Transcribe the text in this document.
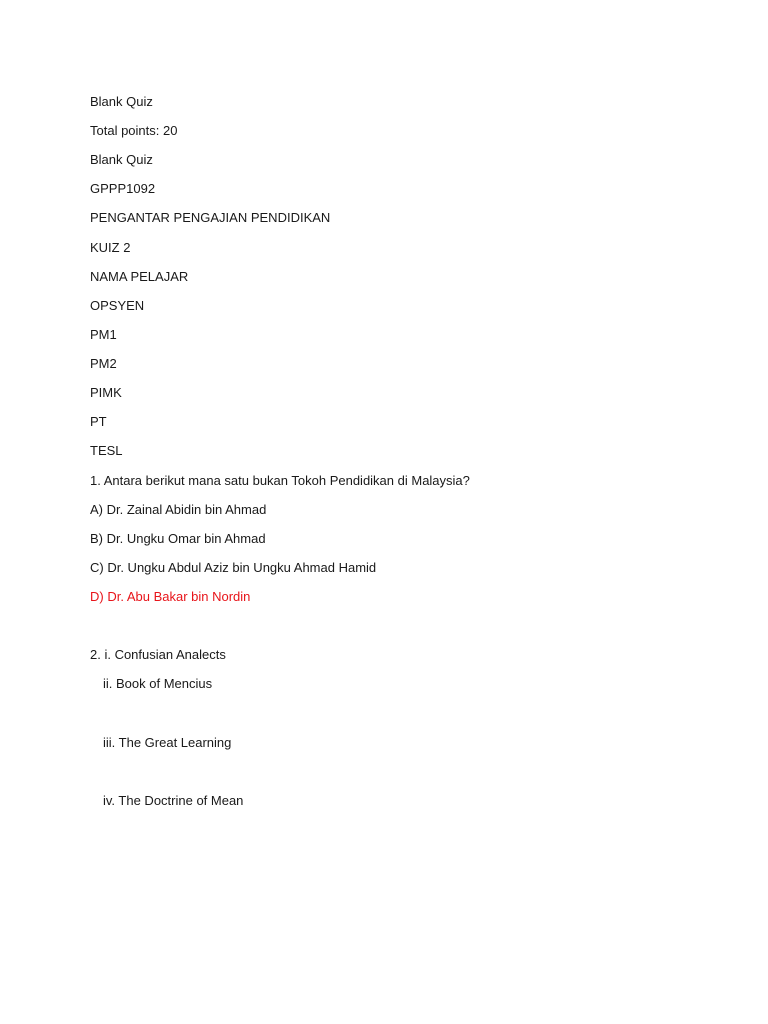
Blank Quiz
Total points: 20
Blank Quiz
GPPP1092
PENGANTAR PENGAJIAN PENDIDIKAN
KUIZ 2
NAMA PELAJAR
OPSYEN
PM1
PM2
PIMK
PT
TESL
1. Antara berikut mana satu bukan Tokoh Pendidikan di Malaysia?
A) Dr. Zainal Abidin bin Ahmad
B) Dr. Ungku Omar bin Ahmad
C) Dr. Ungku Abdul Aziz bin Ungku Ahmad Hamid
D) Dr. Abu Bakar bin Nordin
2. i. Confusian Analects
ii. Book of Mencius
iii. The Great Learning
iv. The Doctrine of Mean
